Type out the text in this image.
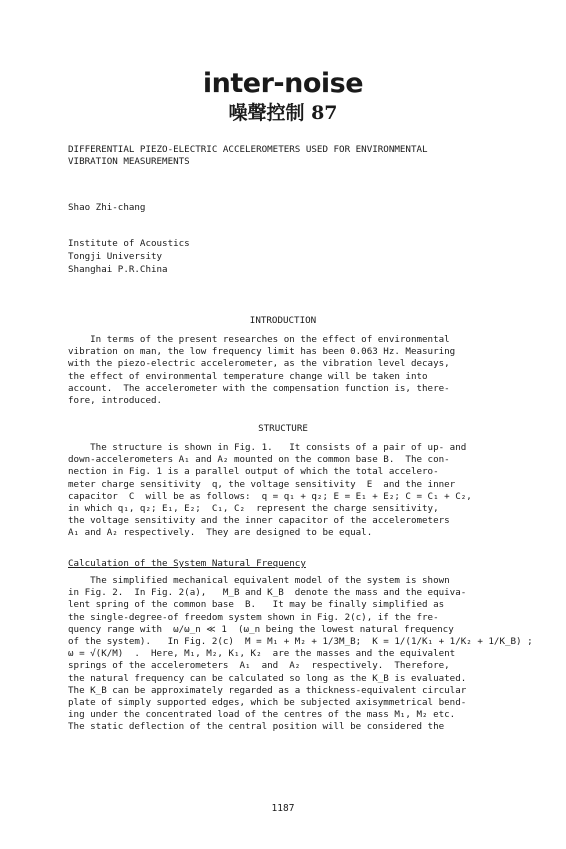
inter-noise
噪聲控制 87
DIFFERENTIAL PIEZO-ELECTRIC ACCELEROMETERS USED FOR ENVIRONMENTAL
VIBRATION MEASUREMENTS
Shao Zhi-chang
Institute of Acoustics
Tongji University
Shanghai P.R.China
INTRODUCTION

In terms of the present researches on the effect of environmental

vibration on man, the low frequency limit has been 0.063 Hz. Measuring

with the piezo-electric accelerometer, as the vibration level decays,

the effect of environmental temperature change will be taken into

account.  The accelerometer with the compensation function is, there-

fore, introduced.

STRUCTURE

The structure is shown in Fig. 1.   It consists of a pair of up- and

down-accelerometers A₁ and A₂ mounted on the common base B.  The con-

nection in Fig. 1 is a parallel output of which the total accelero-

meter charge sensitivity  q, the voltage sensitivity  E  and the inner

capacitor  C  will be as follows:  q = q₁ + q₂; E = E₁ + E₂; C = C₁ + C₂,

in which q₁, q₂; E₁, E₂;  C₁, C₂  represent the charge sensitivity,

the voltage sensitivity and the inner capacitor of the accelerometers

A₁ and A₂ respectively.  They are designed to be equal.

Calculation of the System Natural Frequency

The simplified mechanical equivalent model of the system is shown

in Fig. 2.  In Fig. 2(a),   M_B and K_B  denote the mass and the equiva-

lent spring of the common base  B.   It may be finally simplified as

the single-degree-of freedom system shown in Fig. 2(c), if the fre-

quency range with  ω/ω_n ≪ 1  (ω_n being the lowest natural frequency

of the system).   In Fig. 2(c)  M = M₁ + M₂ + 1/3M_B;  K = 1/(1/K₁ + 1/K₂ + 1/K_B) ;

ω = √(K/M)  .  Here, M₁, M₂, K₁, K₂  are the masses and the equivalent

springs of the accelerometers  A₁  and  A₂  respectively.  Therefore,

the natural frequency can be calculated so long as the K_B is evaluated.

The K_B can be approximately regarded as a thickness-equivalent circular

plate of simply supported edges, which be subjected axisymmetrical bend-

ing under the concentrated load of the centres of the mass M₁, M₂ etc.

The static deflection of the central position will be considered the

1187
